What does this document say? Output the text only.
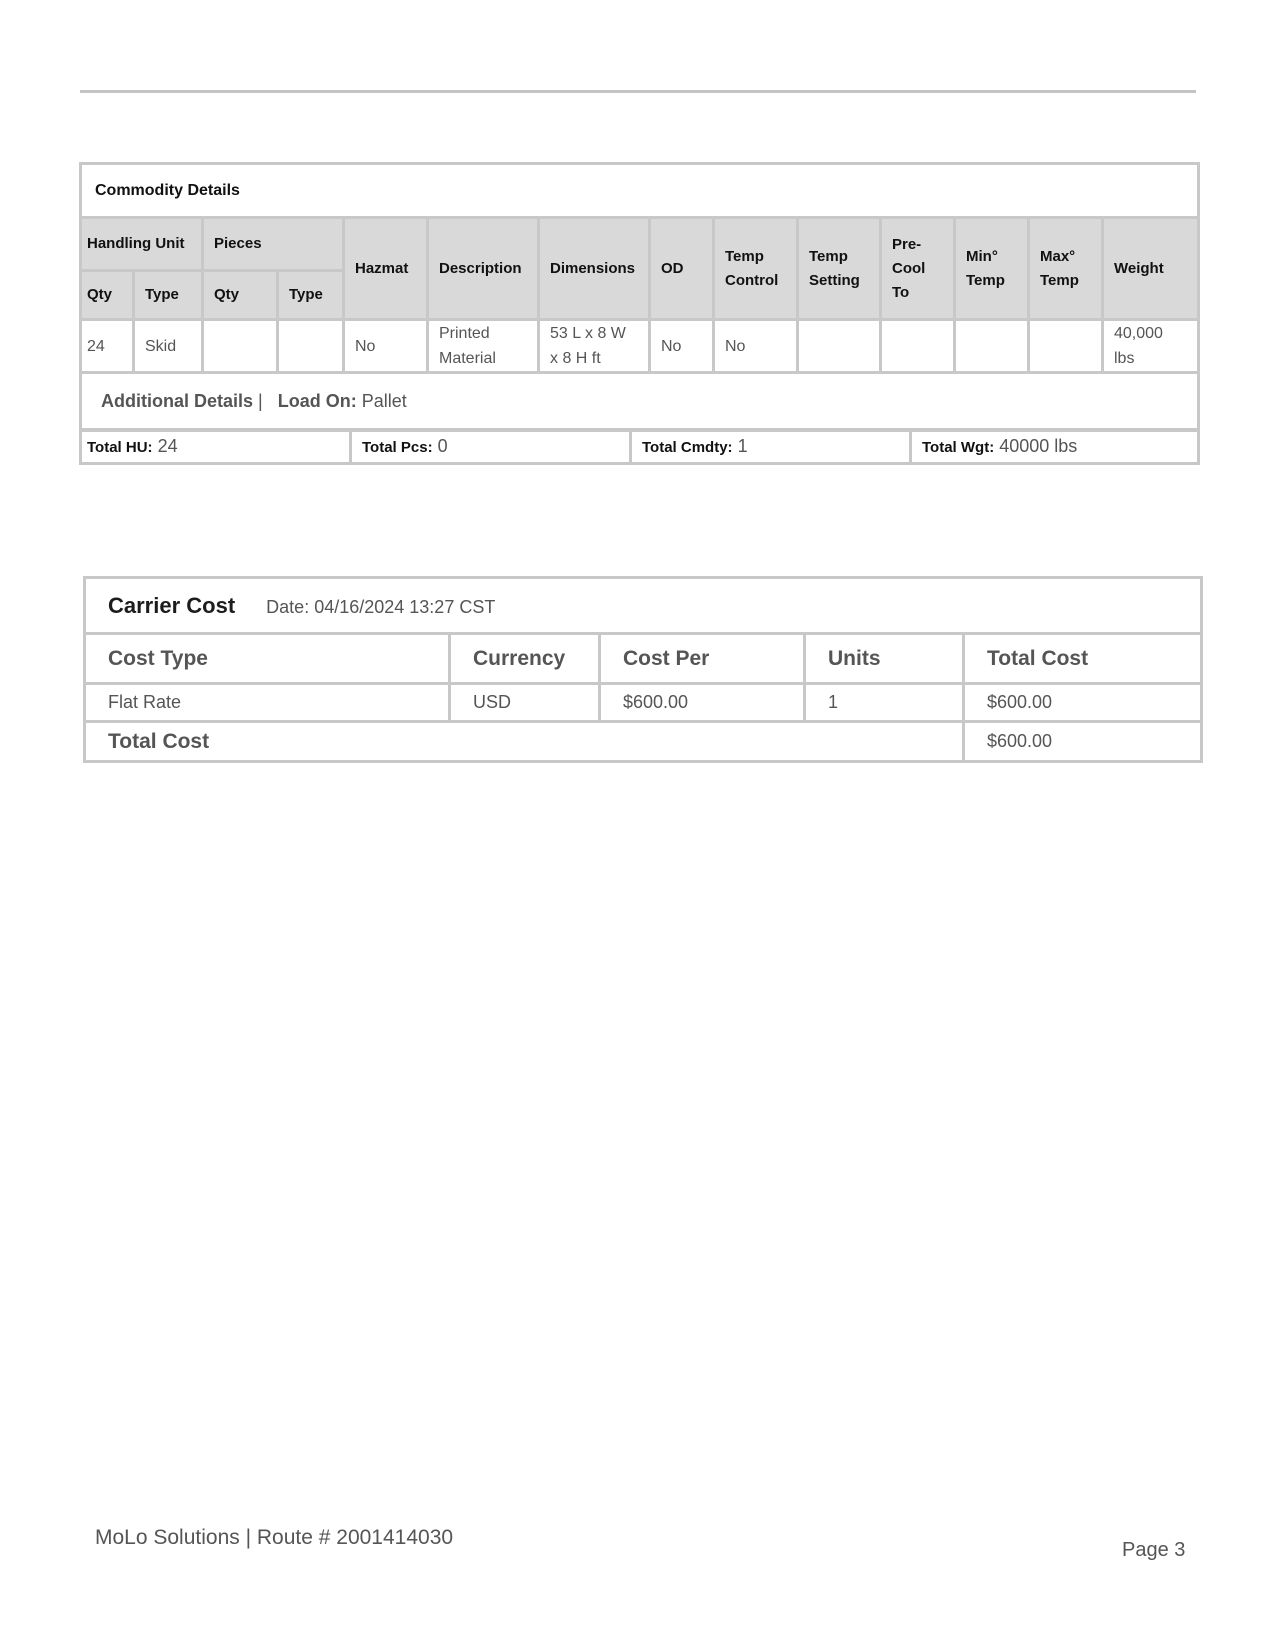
Commodity Details													
Handling Unit		Pieces		Hazmat	Description	Dimensions	OD	Temp Control	Temp Setting	Pre-Cool To	Min° Temp	Max° Temp	Weight
Qty	Type	Qty	Type										
24	Skid			No	Printed Material	53 L x 8 W x 8 H ft	No	No					40,000 lbs
Additional Details | Load On: Pallet													
Total HU: 24	Total Pcs: 0	Total Cmdty: 1	Total Wgt: 40000 lbs
Carrier Cost Date: 04/16/2024 13:27 CST				
Cost Type	Currency	Cost Per	Units	Total Cost
Flat Rate	USD	$600.00	1	$600.00
Total Cost				$600.00
MoLo Solutions | Route # 2001414030
Page 3
